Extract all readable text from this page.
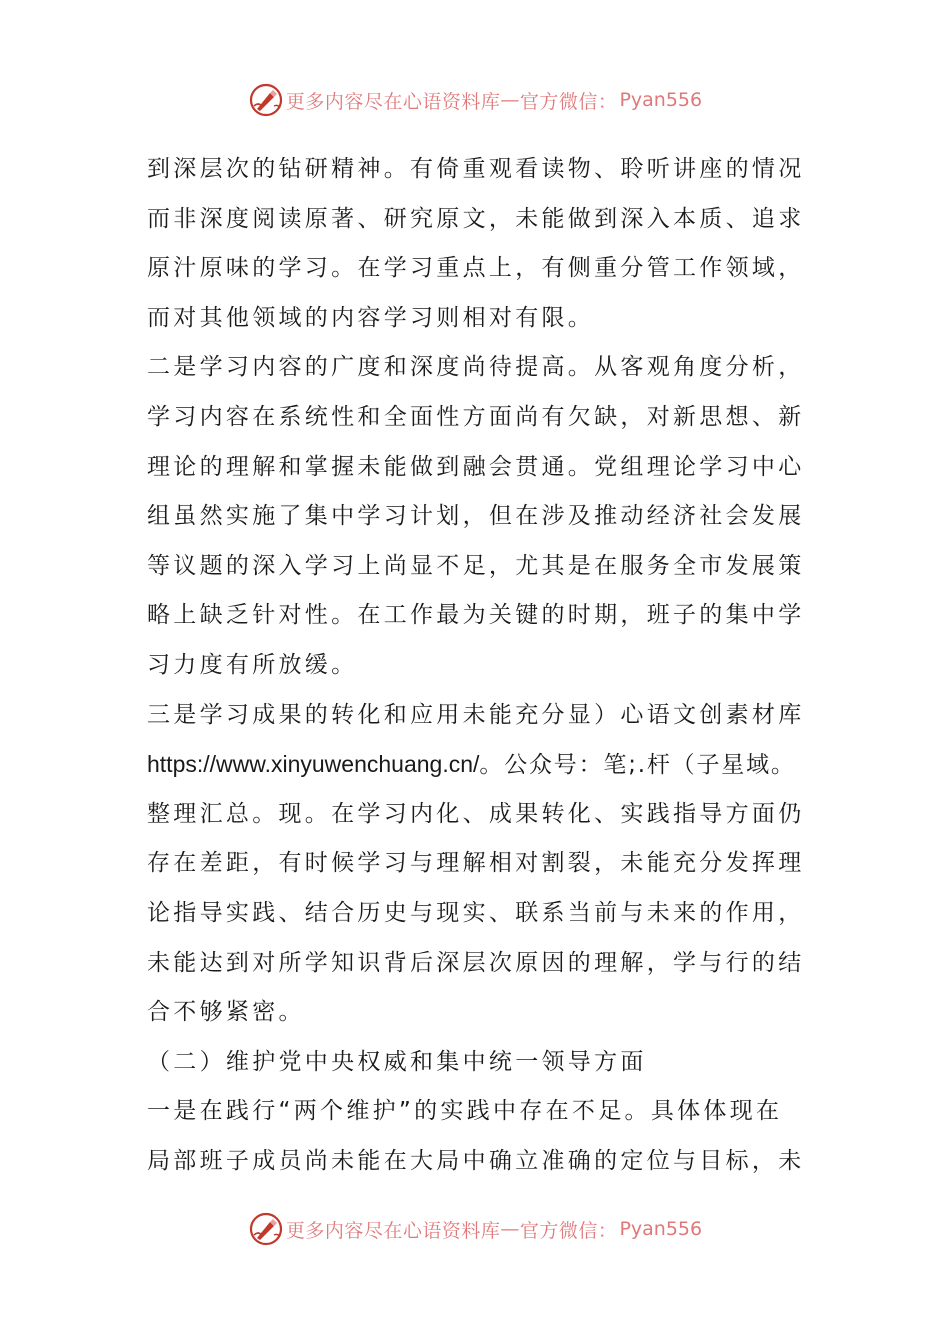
更多内容尽在心语资料库 — 官方微信： Pyan556
到深层次的钻研精神。有倚重观看读物、聆听讲座的情况
而非深度阅读原著、研究原文，未能做到深入本质、追求
原汁原味的学习。在学习重点上，有侧重分管工作领域，
而对其他领域的内容学习则相对有限。
二是学习内容的广度和深度尚待提高。从客观角度分析，
学习内容在系统性和全面性方面尚有欠缺，对新思想、新
理论的理解和掌握未能做到融会贯通。党组理论学习中心
组虽然实施了集中学习计划，但在涉及推动经济社会发展
等议题的深入学习上尚显不足，尤其是在服务全市发展策
略上缺乏针对性。在工作最为关键的时期，班子的集中学
习力度有所放缓。
三是学习成果的转化和应用未能充分显）心语文创素材库
https://www.xinyuwenchuang.cn/。公众号：笔;.杆（子星域。
整理汇总。现。在学习内化、成果转化、实践指导方面仍
存在差距，有时候学习与理解相对割裂，未能充分发挥理
论指导实践、结合历史与现实、联系当前与未来的作用，
未能达到对所学知识背后深层次原因的理解，学与行的结
合不够紧密。
（二）维护党中央权威和集中统一领导方面
一是在践行“两个维护”的实践中存在不足。具体体现在
局部班子成员尚未能在大局中确立准确的定位与目标，未
更多内容尽在心语资料库 — 官方微信： Pyan556
